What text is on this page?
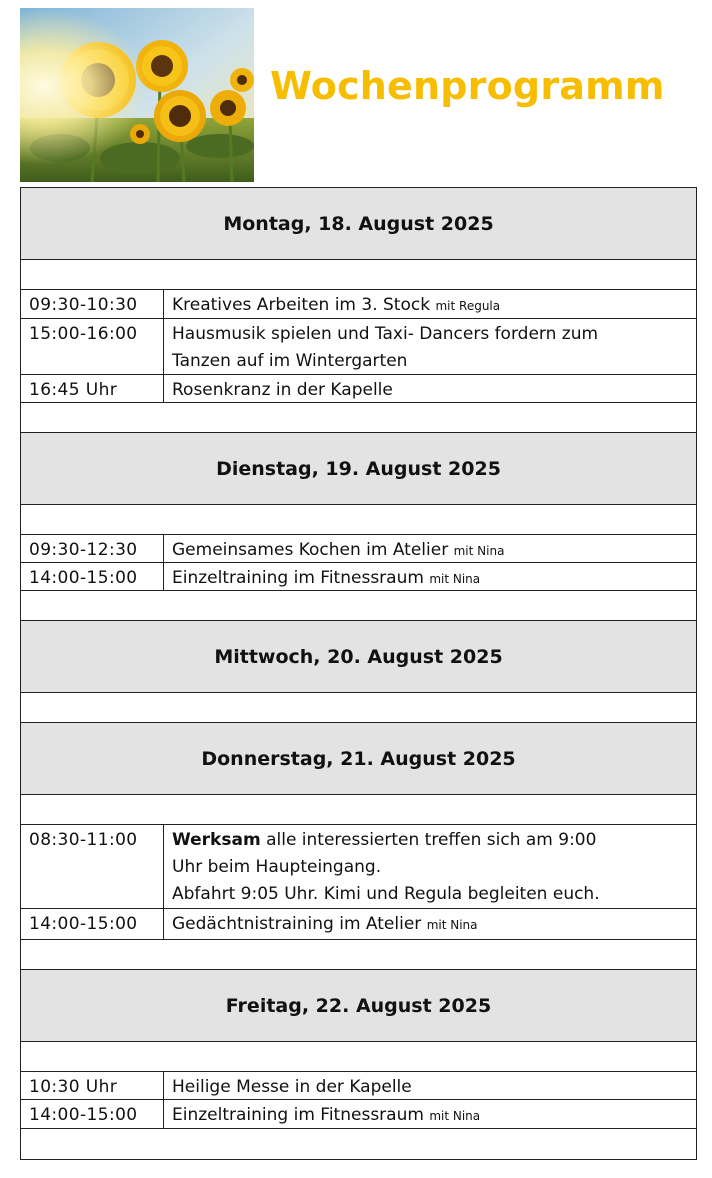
Wochenprogramm
Montag, 18. August 2025
09:30-10:30	Kreatives Arbeiten im 3. Stock mit Regula
15:00-16:00	Hausmusik spielen und Taxi- Dancers fordern zum
Tanzen auf im Wintergarten
16:45 Uhr	Rosenkranz in der Kapelle
Dienstag, 19. August 2025
09:30-12:30	Gemeinsames Kochen im Atelier mit Nina
14:00-15:00	Einzeltraining im Fitnessraum mit Nina
Mittwoch, 20. August 2025
Donnerstag, 21. August 2025
08:30-11:00	Werksam alle interessierten treffen sich am 9:00
Uhr beim Haupteingang.
Abfahrt 9:05 Uhr. Kimi und Regula begleiten euch.
14:00-15:00	Gedächtnistraining im Atelier mit Nina
Freitag, 22. August 2025
10:30 Uhr	Heilige Messe in der Kapelle
14:00-15:00	Einzeltraining im Fitnessraum mit Nina
